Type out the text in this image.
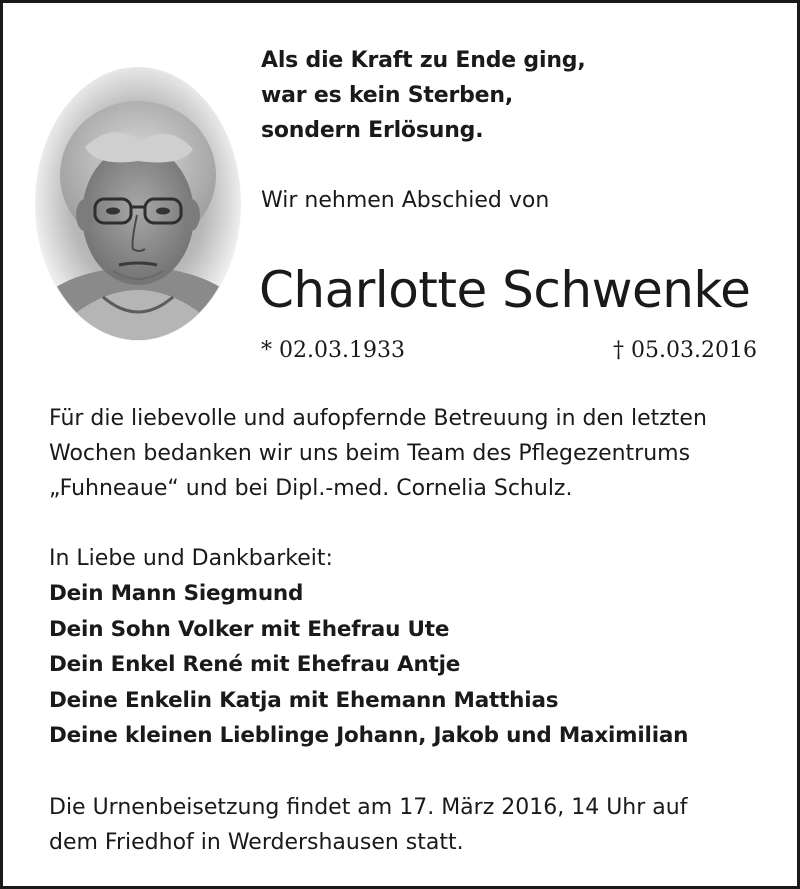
Als die Kraft zu Ende ging,
war es kein Sterben,
sondern Erlösung.

Wir nehmen Abschied von
Charlotte Schwenke
* 02.03.1933	† 05.03.2016

Für die liebevolle und aufopfernde Betreuung in den letzten
Wochen bedanken wir uns beim Team des Pflegezentrums
„Fuhneaue“ und bei Dipl.-med. Cornelia Schulz.

In Liebe und Dankbarkeit:
Dein Mann Siegmund
Dein Sohn Volker mit Ehefrau Ute
Dein Enkel René mit Ehefrau Antje
Deine Enkelin Katja mit Ehemann Matthias
Deine kleinen Lieblinge Johann, Jakob und Maximilian

Die Urnenbeisetzung findet am 17. März 2016, 14 Uhr auf
dem Friedhof in Werdershausen statt.
